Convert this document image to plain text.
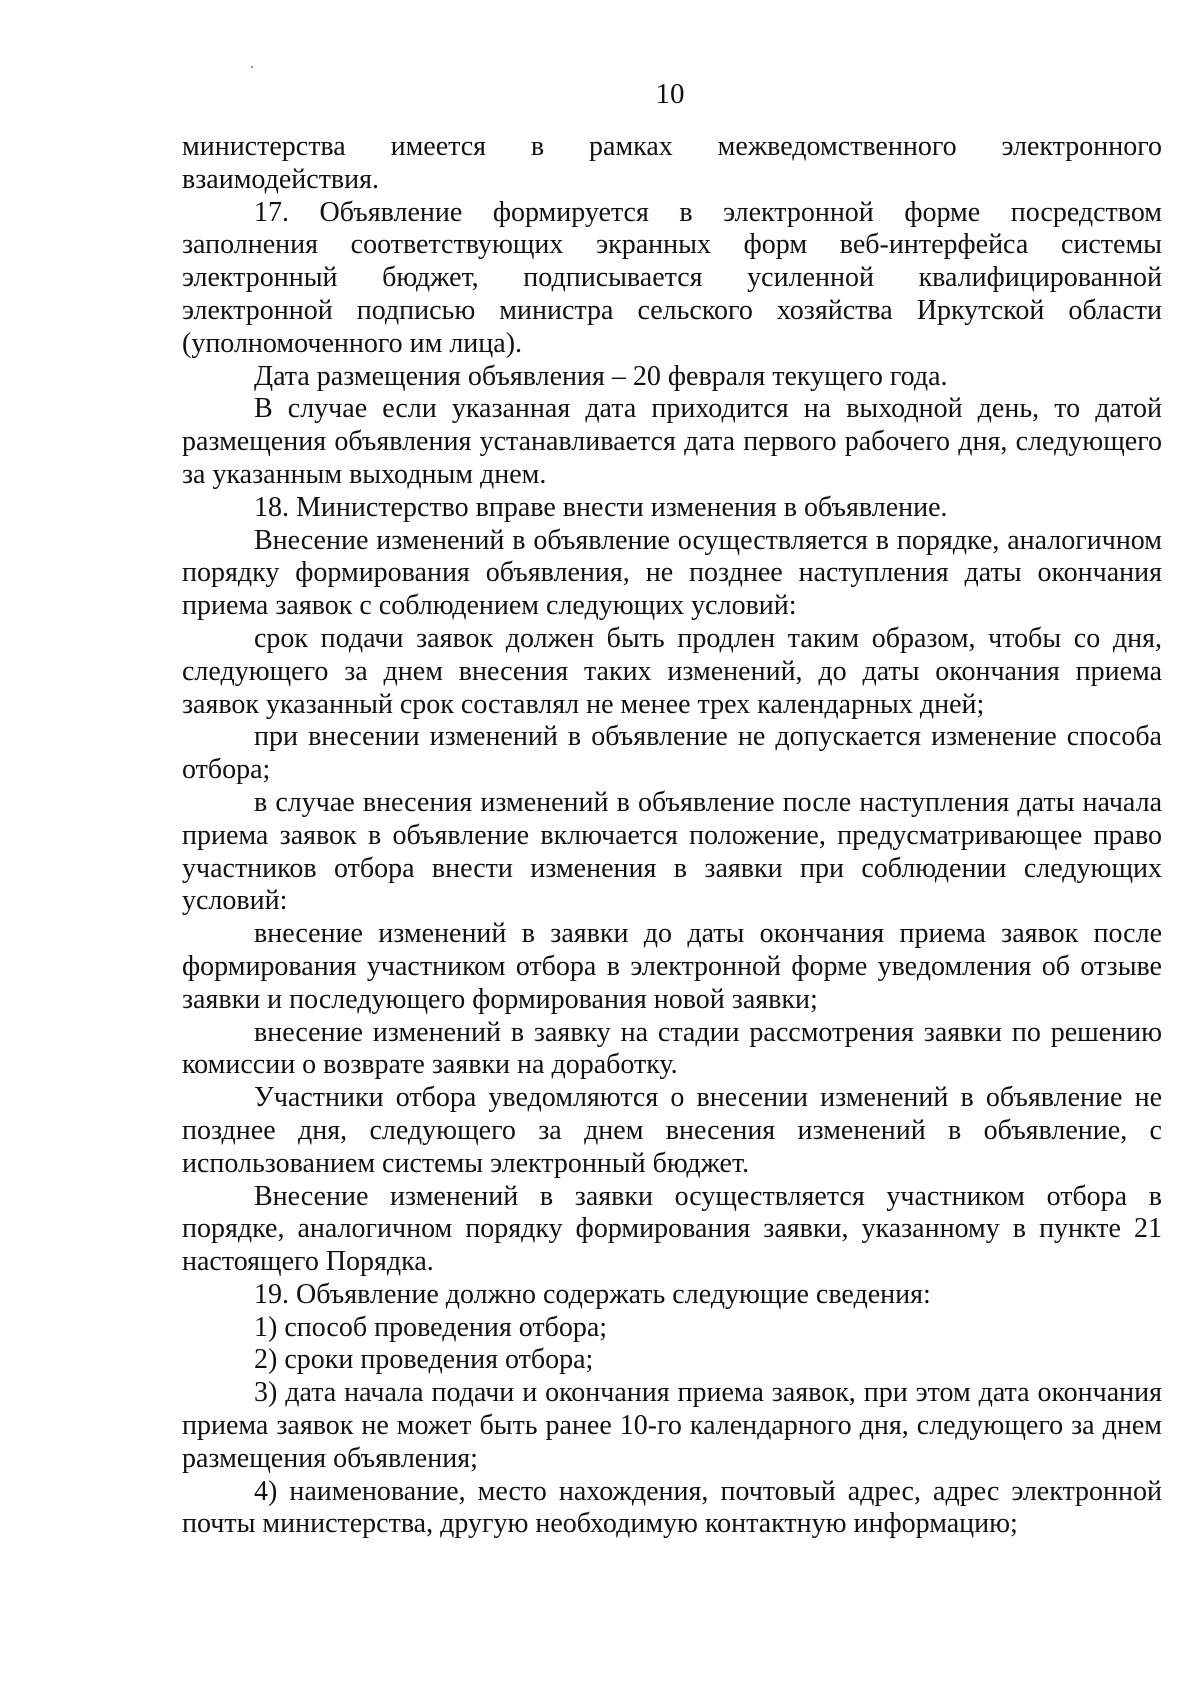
10

министерства имеется в рамках межведомственного электронного взаимодействия.

17. Объявление формируется в электронной форме посредством заполнения соответствующих экранных форм веб-интерфейса системы электронный бюджет, подписывается усиленной квалифицированной электронной подписью министра сельского хозяйства Иркутской области (уполномоченного им лица).

Дата размещения объявления – 20 февраля текущего года.

В случае если указанная дата приходится на выходной день, то датой размещения объявления устанавливается дата первого рабочего дня, следующего за указанным выходным днем.

18. Министерство вправе внести изменения в объявление.

Внесение изменений в объявление осуществляется в порядке, аналогичном порядку формирования объявления, не позднее наступления даты окончания приема заявок с соблюдением следующих условий:

срок подачи заявок должен быть продлен таким образом, чтобы со дня, следующего за днем внесения таких изменений, до даты окончания приема заявок указанный срок составлял не менее трех календарных дней;

при внесении изменений в объявление не допускается изменение способа отбора;

в случае внесения изменений в объявление после наступления даты начала приема заявок в объявление включается положение, предусматривающее право участников отбора внести изменения в заявки при соблюдении следующих условий:

внесение изменений в заявки до даты окончания приема заявок после формирования участником отбора в электронной форме уведомления об отзыве заявки и последующего формирования новой заявки;

внесение изменений в заявку на стадии рассмотрения заявки по решению комиссии о возврате заявки на доработку.

Участники отбора уведомляются о внесении изменений в объявление не позднее дня, следующего за днем внесения изменений в объявление, с использованием системы электронный бюджет.

Внесение изменений в заявки осуществляется участником отбора в порядке, аналогичном порядку формирования заявки, указанному в пункте 21 настоящего Порядка.

19. Объявление должно содержать следующие сведения:

1) способ проведения отбора;

2) сроки проведения отбора;

3) дата начала подачи и окончания приема заявок, при этом дата окончания приема заявок не может быть ранее 10-го календарного дня, следующего за днем размещения объявления;

4) наименование, место нахождения, почтовый адрес, адрес электронной почты министерства, другую необходимую контактную информацию;
